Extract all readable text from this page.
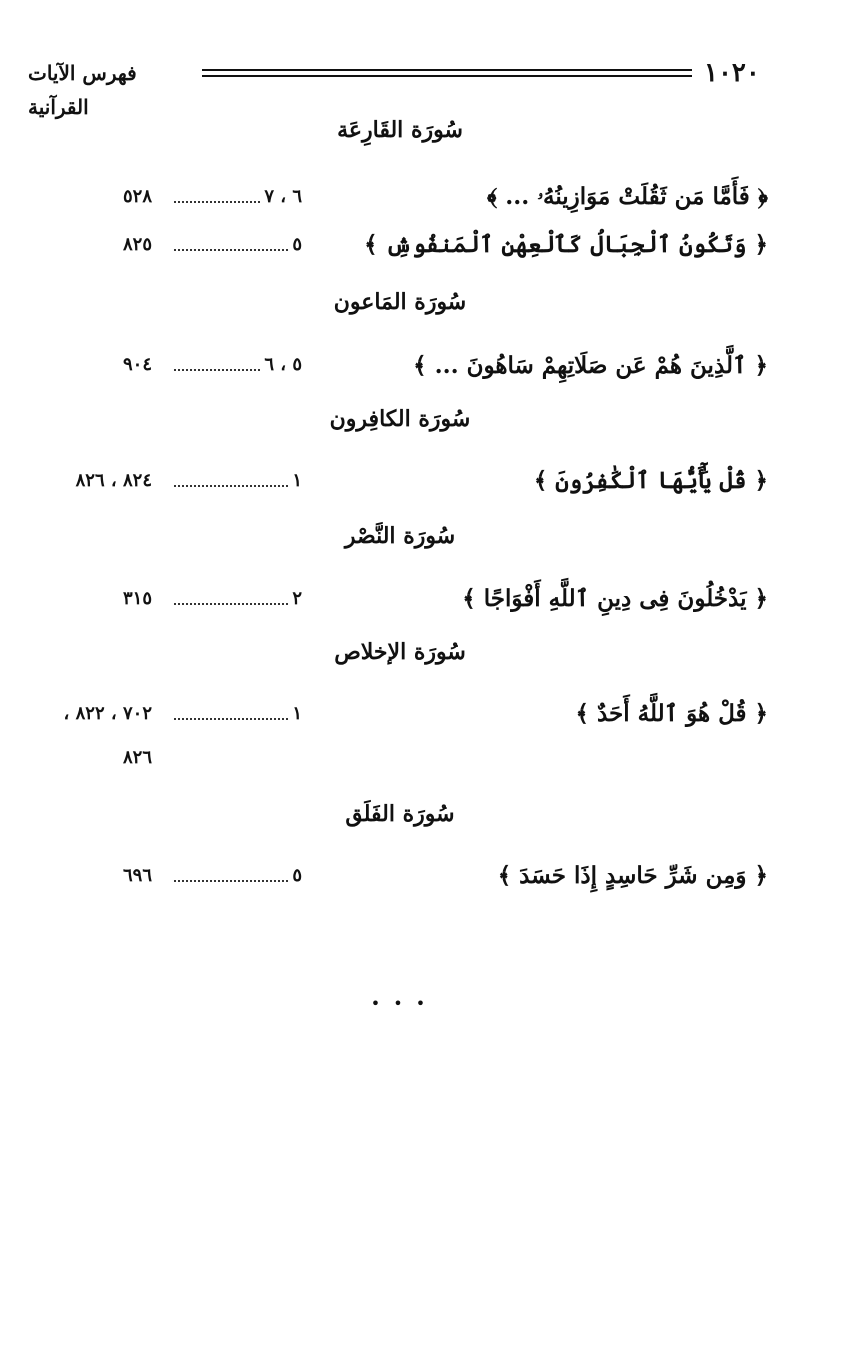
١٠٢٠
فهرس الآيات القرآنية
سُورَة القَارِعَة
﴿ فَأَمَّا مَن ثَقُلَتْ مَوَازِينُهُۥ ... ﴾
٦ ، ٧
٥٢٨
﴿ وَتَكُونُ ٱلْجِبَالُ كَٱلْعِهْنِ ٱلْمَنفُوشِ ﴾
٥
٨٢٥
سُورَة المَاعون
﴿ ٱلَّذِينَ هُمْ عَن صَلَاتِهِمْ سَاهُونَ ... ﴾
٥ ، ٦
٩٠٤
سُورَة الكافِرون
﴿ قُلْ يَٰٓأَيُّهَا ٱلْكَٰفِرُونَ ﴾
١
٨٢٤ ، ٨٢٦
سُورَة النَّصْر
﴿ يَدْخُلُونَ فِى دِينِ ٱللَّهِ أَفْوَاجًا ﴾
٢
٣١٥
سُورَة الإخلاص
﴿ قُلْ هُوَ ٱللَّهُ أَحَدٌ ﴾
١
٧٠٢ ، ٨٢٢ ،
٨٢٦
سُورَة الفَلَق
﴿ وَمِن شَرِّ حَاسِدٍ إِذَا حَسَدَ ﴾
٥
٦٩٦
• • •
